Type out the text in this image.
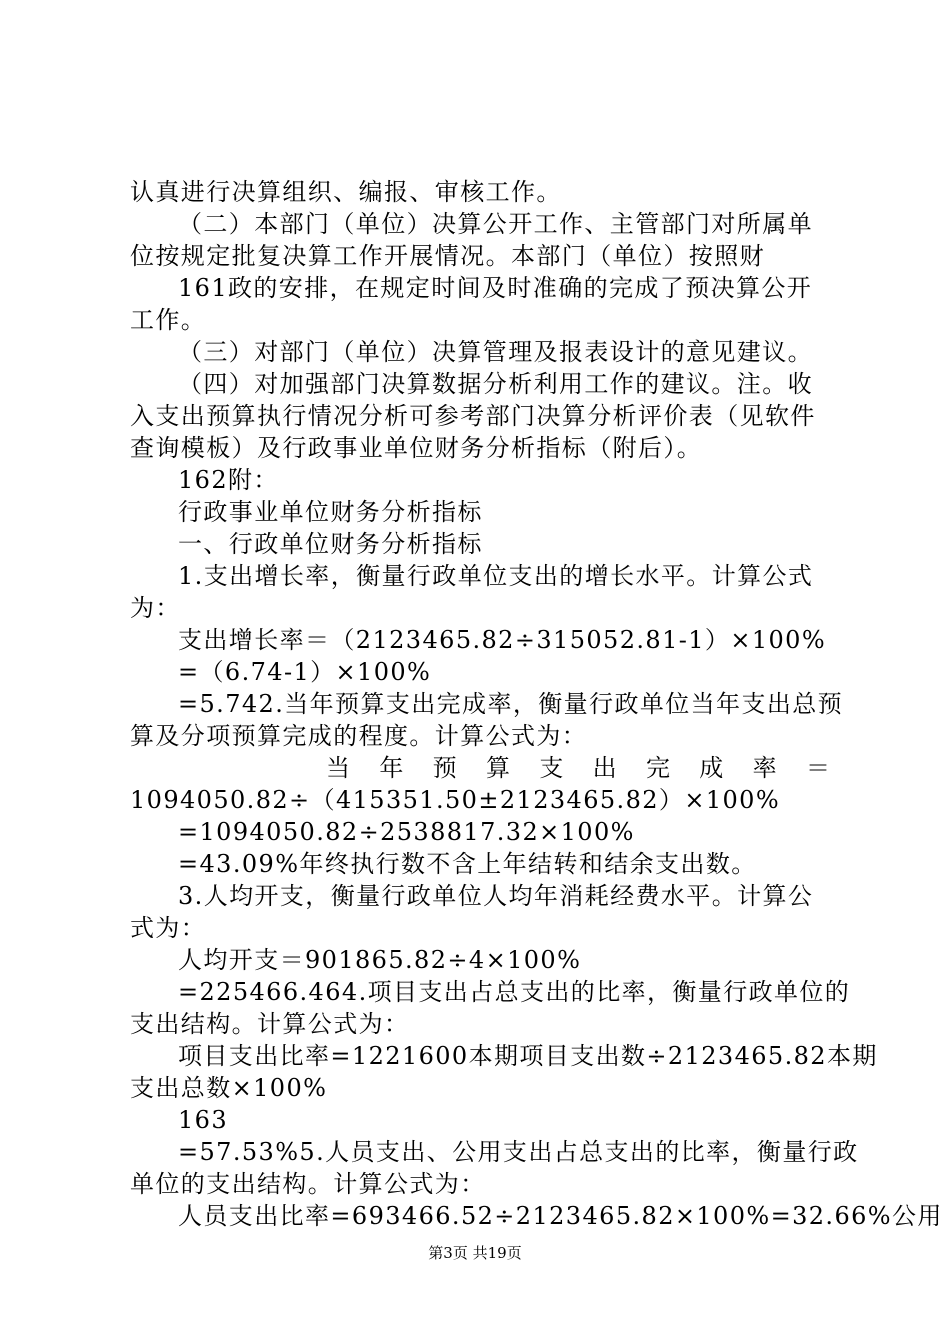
认真进行决算组织、编报、审核工作。
（二）本部门（单位）决算公开工作、主管部门对所属单
位按规定批复决算工作开展情况。本部门（单位）按照财
161政的安排，在规定时间及时准确的完成了预决算公开
工作。
（三）对部门（单位）决算管理及报表设计的意见建议。
（四）对加强部门决算数据分析利用工作的建议。注。收
入支出预算执行情况分析可参考部门决算分析评价表（见软件
查询模板）及行政事业单位财务分析指标（附后）。
162附：
行政事业单位财务分析指标
一、行政单位财务分析指标
1.支出增长率，衡量行政单位支出的增长水平。计算公式
为：
支出增长率＝（2123465.82÷315052.81-1）×100%
=（6.74-1）×100%
=5.742.当年预算支出完成率，衡量行政单位当年支出总预
算及分项预算完成的程度。计算公式为：
当 年 预 算 支 出 完 成 率 ＝
1094050.82÷（415351.50±2123465.82）×100%
=1094050.82÷2538817.32×100%
=43.09%年终执行数不含上年结转和结余支出数。
3.人均开支，衡量行政单位人均年消耗经费水平。计算公
式为：
人均开支＝901865.82÷4×100%
=225466.464.项目支出占总支出的比率，衡量行政单位的
支出结构。计算公式为：
项目支出比率=1221600本期项目支出数÷2123465.82本期
支出总数×100%
163
=57.53%5.人员支出、公用支出占总支出的比率，衡量行政
单位的支出结构。计算公式为：
人员支出比率=693466.52÷2123465.82×100%=32.66%公用
第3页 共19页
